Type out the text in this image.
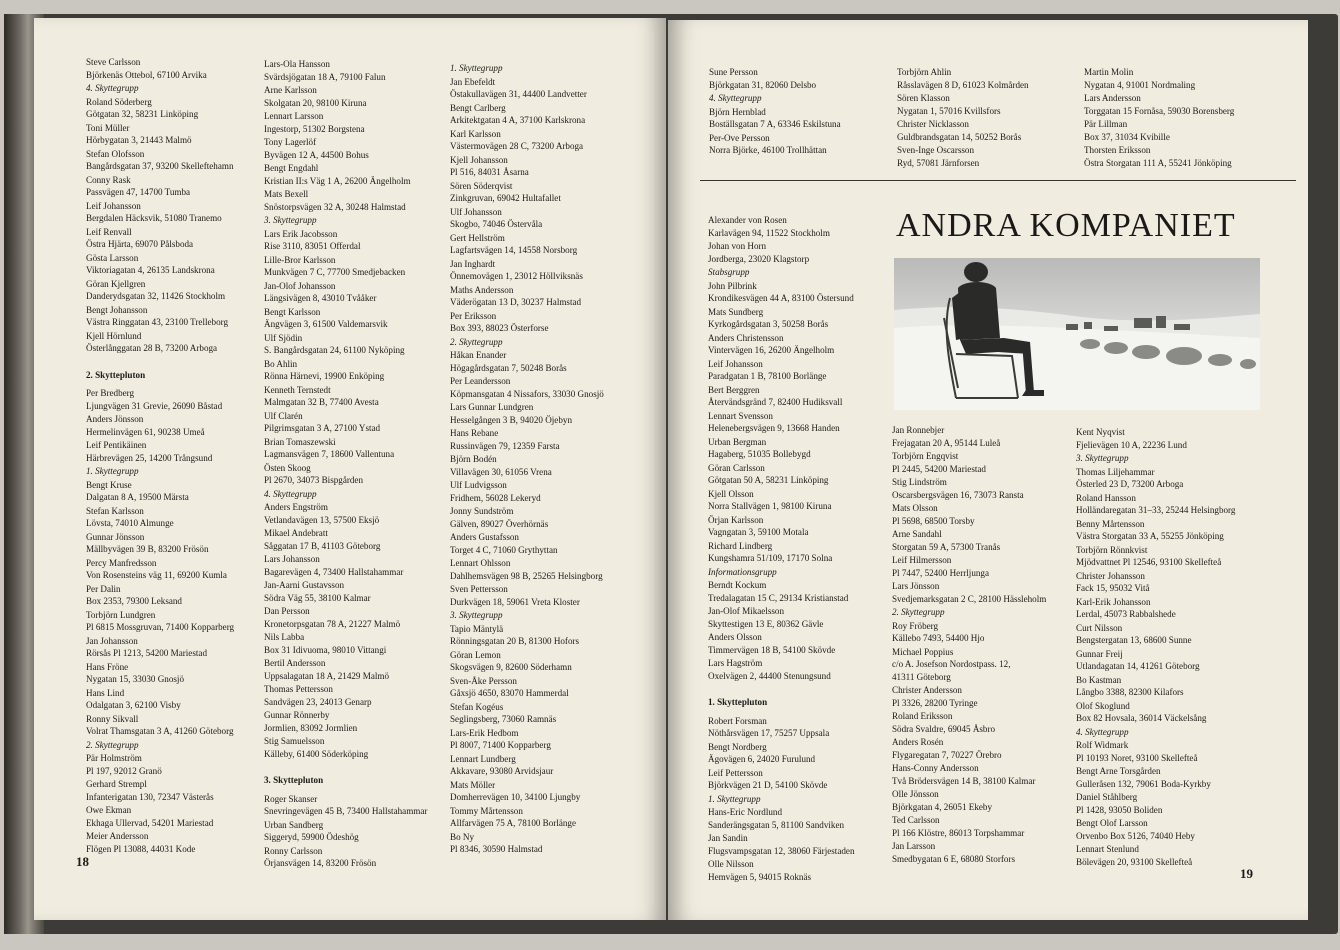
Steve Carlsson
Björkenäs Ottebol, 67100 Arvika
4. Skyttegrupp
Roland Söderberg
Götgatan 32, 58231 Linköping
Toni Müller
Hörbygatan 3, 21443 Malmö
Stefan Olofsson
Bangårdsgatan 37, 93200 Skelleftehamn
Conny Rask
Passvägen 47, 14700 Tumba
Leif Johansson
Bergdalen Häcksvik, 51080 Tranemo
Leif Renvall
Östra Hjärta, 69070 Pålsboda
Gösta Larsson
Viktoriagatan 4, 26135 Landskrona
Göran Kjellgren
Danderydsgatan 32, 11426 Stockholm
Bengt Johansson
Västra Ringgatan 43, 23100 Trelleborg
Kjell Hörnlund
Österlånggatan 28 B, 73200 Arboga
2. Skyttepluton
Per Bredberg
Ljungvägen 31 Grevie, 26090 Båstad
Anders Jönsson
Hermelinvägen 61, 90238 Umeå
Leif Pentikäinen
Härbrevägen 25, 14200 Trångsund
1. Skyttegrupp
Bengt Kruse
Dalgatan 8 A, 19500 Märsta
Stefan Karlsson
Lövsta, 74010 Almunge
Gunnar Jönsson
Mällbyvägen 39 B, 83200 Frösön
Percy Manfredsson
Von Rosensteins väg 11, 69200 Kumla
Per Dalin
Box 2353, 79300 Leksand
Torbjörn Lundgren
Pl 6815 Mossgruvan, 71400 Kopparberg
Jan Johansson
Rörsås Pl 1213, 54200 Mariestad
Hans Fröne
Nygatan 15, 33030 Gnosjö
Hans Lind
Odalgatan 3, 62100 Visby
Ronny Sikvall
Volrat Thamsgatan 3 A, 41260 Göteborg
2. Skyttegrupp
Pär Holmström
Pl 197, 92012 Granö
Gerhard Strempl
Infanterigatan 130, 72347 Västerås
Owe Ekman
Ekhaga Ullervad, 54201 Mariestad
Meier Andersson
Flögen Pl 13088, 44031 Kode
Lars-Ola Hansson
Svärdsjögatan 18 A, 79100 Falun
Arne Karlsson
Skolgatan 20, 98100 Kiruna
Lennart Larsson
Ingestorp, 51302 Borgstena
Tony Lagerlöf
Byvägen 12 A, 44500 Bohus
Bengt Engdahl
Kristian II:s Väg 1 A, 26200 Ängelholm
Mats Bexell
Snöstorpsvägen 32 A, 30248 Halmstad
3. Skyttegrupp
Lars Erik Jacobsson
Rise 3110, 83051 Offerdal
Lille-Bror Karlsson
Munkvägen 7 C, 77700 Smedjebacken
Jan-Olof Johansson
Längsivägen 8, 43010 Tvååker
Bengt Karlsson
Ängvägen 3, 61500 Valdemarsvik
Ulf Sjödin
S. Bangårdsgatan 24, 61100 Nyköping
Bo Ahlin
Rönna Härnevi, 19900 Enköping
Kenneth Ternstedt
Malmgatan 32 B, 77400 Avesta
Ulf Clarén
Pilgrimsgatan 3 A, 27100 Ystad
Brian Tomaszewski
Lagmansvägen 7, 18600 Vallentuna
Östen Skoog
Pl 2670, 34073 Bispgården
4. Skyttegrupp
Anders Engström
Vetlandavägen 13, 57500 Eksjö
Mikael Andebratt
Såggatan 17 B, 41103 Göteborg
Lars Johansson
Bagarevägen 4, 73400 Hallstahammar
Jan-Aarni Gustavsson
Södra Väg 55, 38100 Kalmar
Dan Persson
Kronetorpsgatan 78 A, 21227 Malmö
Nils Labba
Box 31 Idivuoma, 98010 Vittangi
Bertil Andersson
Uppsalagatan 18 A, 21429 Malmö
Thomas Pettersson
Sandvägen 23, 24013 Genarp
Gunnar Rönnerby
Jormlien, 83092 Jormlien
Stig Samuelsson
Källeby, 61400 Söderköping
3. Skyttepluton
Roger Skanser
Snevringevägen 45 B, 73400 Hallstahammar
Urban Sandberg
Siggeryd, 59900 Ödeshög
Ronny Carlsson
Örjansvägen 14, 83200 Frösön
1. Skyttegrupp
Jan Ebefeldt
Östakullavägen 31, 44400 Landvetter
Bengt Carlberg
Arkitektgatan 4 A, 37100 Karlskrona
Karl Karlsson
Västermovägen 28 C, 73200 Arboga
Kjell Johansson
Pl 516, 84031 Åsarna
Sören Söderqvist
Zinkgruvan, 69042 Hultafallet
Ulf Johansson
Skogbo, 74046 Östervåla
Gert Hellström
Lagfartsvägen 14, 14558 Norsborg
Jan Inghardt
Önnemovägen 1, 23012 Höllviksnäs
Maths Andersson
Väderögatan 13 D, 30237 Halmstad
Per Eriksson
Box 393, 88023 Österforse
2. Skyttegrupp
Håkan Enander
Högagårdsgatan 7, 50248 Borås
Per Leandersson
Köpmansgatan 4 Nissafors, 33030 Gnosjö
Lars Gunnar Lundgren
Hesselgången 3 B, 94020 Öjebyn
Hans Rebane
Russinvägen 79, 12359 Farsta
Björn Bodén
Villavägen 30, 61056 Vrena
Ulf Ludvigsson
Fridhem, 56028 Lekeryd
Jonny Sundström
Gälven, 89027 Överhörnäs
Anders Gustafsson
Torget 4 C, 71060 Grythyttan
Lennart Ohlsson
Dahlhemsvägen 98 B, 25265 Helsingborg
Sven Pettersson
Durkvägen 18, 59061 Vreta Kloster
3. Skyttegrupp
Tapio Mäntylä
Rönningsgatan 20 B, 81300 Hofors
Göran Lemon
Skogsvägen 9, 82600 Söderhamn
Sven-Åke Persson
Gåxsjö 4650, 83070 Hammerdal
Stefan Kogéus
Seglingsberg, 73060 Ramnäs
Lars-Erik Hedbom
Pl 8007, 71400 Kopparberg
Lennart Lundberg
Akkavare, 93080 Arvidsjaur
Mats Möller
Domherrevägen 10, 34100 Ljungby
Tommy Mårtensson
Allfarvägen 75 A, 78100 Borlänge
Bo Ny
Pl 8346, 30590 Halmstad
18
Sune Persson
Björkgatan 31, 82060 Delsbo
4. Skyttegrupp
Björn Hernblad
Boställsgatan 7 A, 63346 Eskilstuna
Per-Ove Persson
Norra Björke, 46100 Trollhättan
Torbjörn Ahlin
Råsslavägen 8 D, 61023 Kolmården
Sören Klasson
Nygatan 1, 57016 Kvillsfors
Christer Nicklasson
Guldbrandsgatan 14, 50252 Borås
Sven-Inge Oscarsson
Ryd, 57081 Järnforsen
Martin Molin
Nygatan 4, 91001 Nordmaling
Lars Andersson
Torggatan 15 Fornåsa, 59030 Borensberg
Pär Lillman
Box 37, 31034 Kvibille
Thorsten Eriksson
Östra Storgatan 111 A, 55241 Jönköping
Alexander von Rosen
Karlavägen 94, 11522 Stockholm
Johan von Horn
Jordberga, 23020 Klagstorp
Stabsgrupp
John Pilbrink
Krondikesvägen 44 A, 83100 Östersund
Mats Sundberg
Kyrkogårdsgatan 3, 50258 Borås
Anders Christensson
Vintervägen 16, 26200 Ängelholm
Leif Johansson
Paradgatan 1 B, 78100 Borlänge
Bert Berggren
Återvändsgränd 7, 82400 Hudiksvall
Lennart Svensson
Helenebergsvägen 9, 13668 Handen
Urban Bergman
Hagaberg, 51035 Bollebygd
Göran Carlsson
Götgatan 50 A, 58231 Linköping
Kjell Olsson
Norra Stallvägen 1, 98100 Kiruna
Örjan Karlsson
Vagngatan 3, 59100 Motala
Richard Lindberg
Kungshamra 51/109, 17170 Solna
Informationsgrupp
Berndt Kockum
Tredalagatan 15 C, 29134 Kristianstad
Jan-Olof Mikaelsson
Skyttestigen 13 E, 80362 Gävle
Anders Olsson
Timmervägen 18 B, 54100 Skövde
Lars Hagström
Oxelvägen 2, 44400 Stenungsund
1. Skyttepluton
Robert Forsman
Nöthårsvägen 17, 75257 Uppsala
Bengt Nordberg
Ägovägen 6, 24020 Furulund
Leif Pettersson
Björkvägen 21 D, 54100 Skövde
1. Skyttegrupp
Hans-Eric Nordlund
Sanderängsgatan 5, 81100 Sandviken
Jan Sandin
Flugsvampsgatan 12, 38060 Färjestaden
Olle Nilsson
Hemvägen 5, 94015 Roknäs
Jan Ronnebjer
Frejagatan 20 A, 95144 Luleå
Torbjörn Engqvist
Pl 2445, 54200 Mariestad
Stig Lindström
Oscarsbergsvägen 16, 73073 Ransta
Mats Olsson
Pl 5698, 68500 Torsby
Arne Sandahl
Storgatan 59 A, 57300 Tranås
Leif Hilmersson
Pl 7447, 52400 Herrljunga
Lars Jönsson
Svedjemarksgatan 2 C, 28100 Hässleholm
2. Skyttegrupp
Roy Fröberg
Källebo 7493, 54400 Hjo
Michael Poppius
c/o A. Josefson Nordostpass. 12,
41311 Göteborg
Christer Andersson
Pl 3326, 28200 Tyringe
Roland Eriksson
Södra Svaldre, 69045 Åsbro
Anders Rosén
Flygaregatan 7, 70227 Örebro
Hans-Conny Andersson
Två Brödersvägen 14 B, 38100 Kalmar
Olle Jönsson
Björkgatan 4, 26051 Ekeby
Ted Carlsson
Pl 166 Klöstre, 86013 Torpshammar
Jan Larsson
Smedbygatan 6 E, 68080 Storfors
Kent Nyqvist
Fjelievägen 10 A, 22236 Lund
3. Skyttegrupp
Thomas Liljehammar
Österled 23 D, 73200 Arboga
Roland Hansson
Holländaregatan 31–33, 25244 Helsingborg
Benny Mårtensson
Västra Storgatan 33 A, 55255 Jönköping
Torbjörn Rönnkvist
Mjödvattnet Pl 12546, 93100 Skellefteå
Christer Johansson
Fack 15, 95032 Vitå
Karl-Erik Johansson
Lerdal, 45073 Rabbalshede
Curt Nilsson
Bengstergatan 13, 68600 Sunne
Gunnar Freij
Utlandagatan 14, 41261 Göteborg
Bo Kastman
Långbo 3388, 82300 Kilafors
Olof Skoglund
Box 82 Hovsala, 36014 Väckelsång
4. Skyttegrupp
Rolf Widmark
Pl 10193 Noret, 93100 Skellefteå
Bengt Arne Torsgården
Gulleråsen 132, 79061 Boda-Kyrkby
Daniel Ståhlberg
Pl 1428, 93050 Boliden
Bengt Olof Larsson
Orvenbo Box 5126, 74040 Heby
Lennart Stenlund
Bölevägen 20, 93100 Skellefteå
19
ANDRA KOMPANIET
